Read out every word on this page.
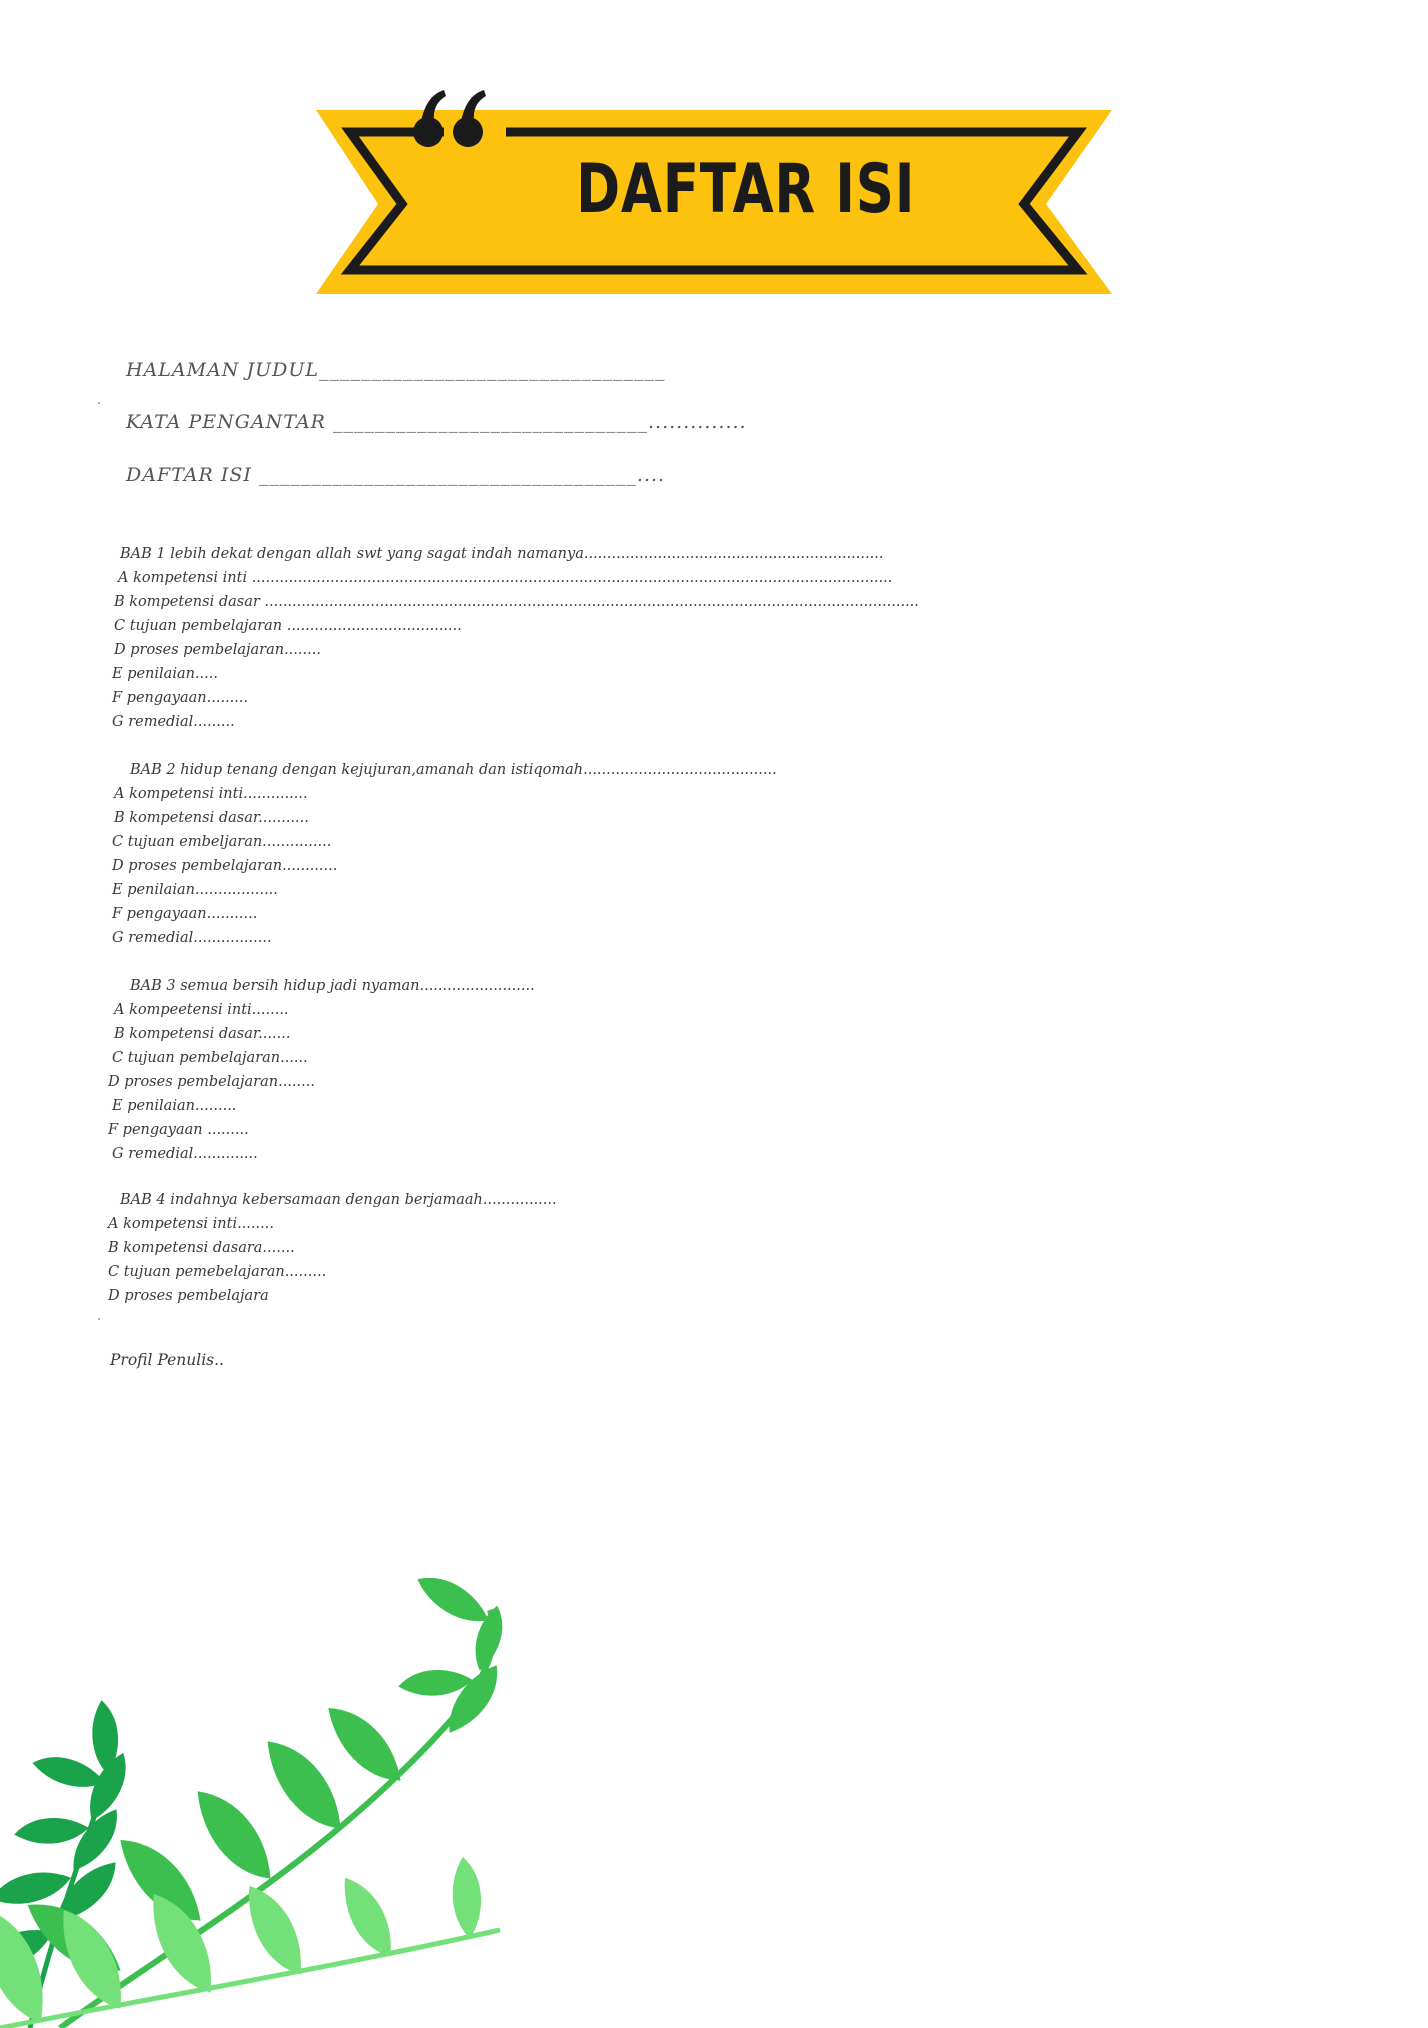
DAFTAR ISI
HALAMAN JUDUL_________________________________
KATA PENGANTAR ______________________________..............
DAFTAR ISI ____________________________________....
BAB 1 lebih dekat dengan allah swt yang sagat indah namanya.................................................................
A kompetensi inti ...........................................................................................................................................
B kompetensi dasar ..............................................................................................................................................
C tujuan pembelajaran ......................................
D proses pembelajaran........
E penilaian.....
F pengayaan.........
G remedial.........
BAB 2 hidup tenang dengan kejujuran,amanah dan istiqomah..........................................
A kompetensi inti..............
B kompetensi dasar...........
C tujuan embeljaran...............
D proses pembelajaran............
E penilaian..................
F pengayaan...........
G remedial.................
BAB 3 semua bersih hidup jadi nyaman.........................
A kompeetensi inti........
B kompetensi dasar.......
C tujuan pembelajaran......
D proses pembelajaran........
E penilaian.........
F pengayaan .........
G remedial..............
BAB 4 indahnya kebersamaan dengan berjamaah................
A kompetensi inti........
B kompetensi dasara.......
C tujuan pemebelajaran.........
D proses pembelajara
Profil Penulis..
